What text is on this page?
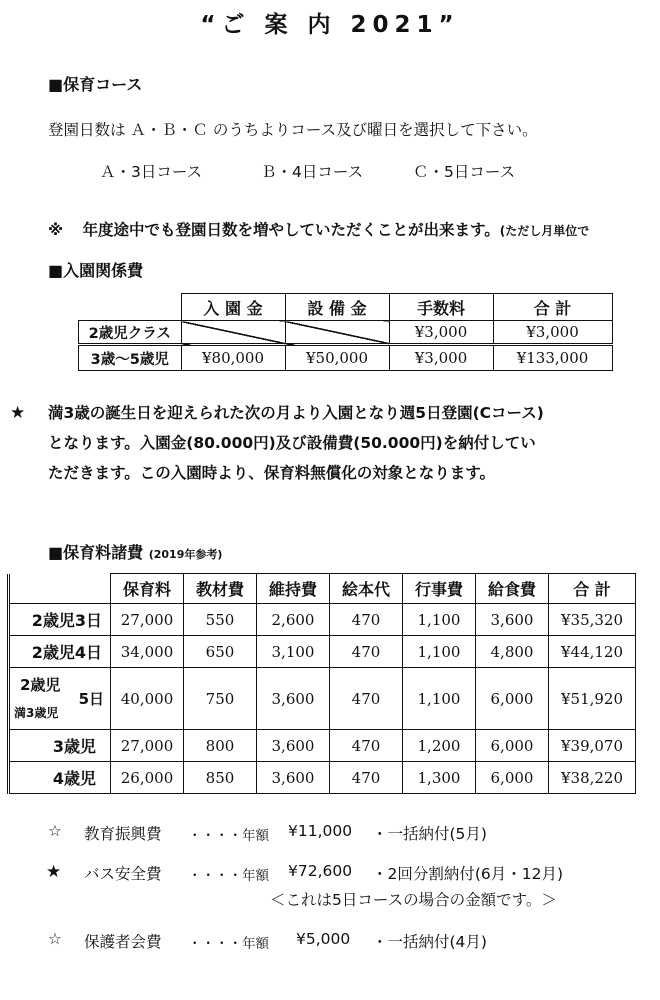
“ご 案 内 2021”
■保育コース
登園日数は Ａ・Ｂ・Ｃ のうちよりコース及び曜日を選択して下さい。
Ａ・3日コース	Ｂ・4日コース	Ｃ・5日コース
※ 年度途中でも登園日数を増やしていただくことが出来ます。(ただし月単位で
■入園関係費
	入 園 金	設 備 金	手数料	合 計
2歳児クラス			¥3,000	¥3,000
3歳～5歳児	¥80,000	¥50,000	¥3,000	¥133,000
★ 満3歳の誕生日を迎えられた次の月より入園となり週5日登園(Cコース)
となります。入園金(80.000円)及び設備費(50.000円)を納付してい
ただきます。この入園時より、保育料無償化の対象となります。
■保育料諸費 (2019年参考)
	保育料	教材費	維持費	絵本代	行事費	給食費	合 計
2歳児3日	27,000	550	2,600	470	1,100	3,600	¥35,320
2歳児4日	34,000	650	3,100	470	1,100	4,800	¥44,120

2歳児
満3歳児
5日	40,000	750	3,600	470	1,100	6,000	¥51,920
3歳児	27,000	800	3,600	470	1,200	6,000	¥39,070
4歳児	26,000	850	3,600	470	1,300	6,000	¥38,220
☆ 教育振興費 ・・・・年額 ¥11,000 ・一括納付(5月)
★ バス安全費 ・・・・年額 ¥72,600 ・2回分割納付(6月・12月)
＜これは5日コースの場合の金額です。＞
☆ 保護者会費 ・・・・年額 ¥5,000 ・一括納付(4月)
